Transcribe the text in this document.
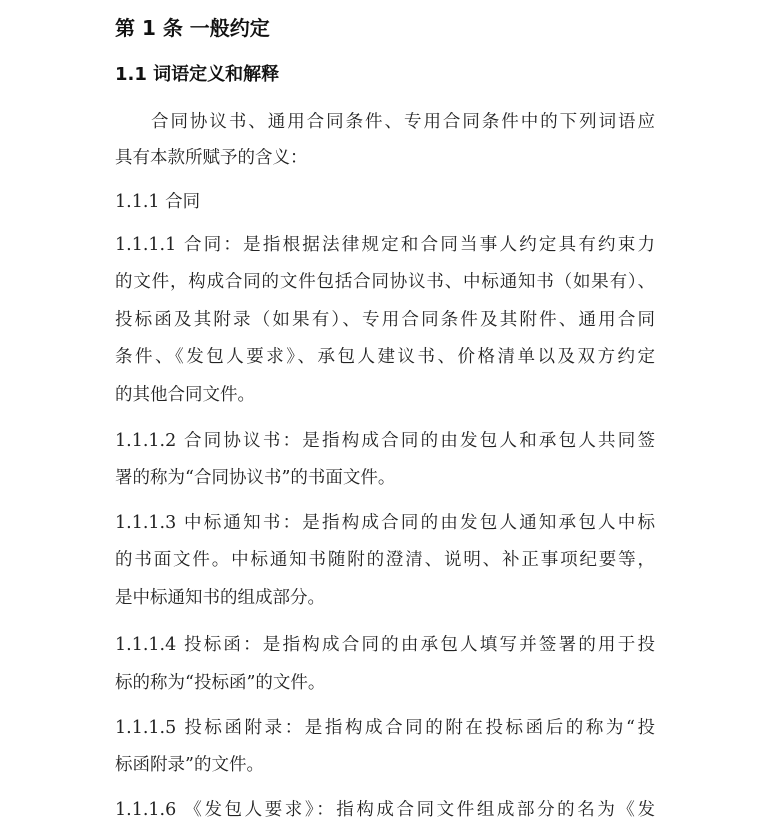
第 1 条 一般约定
1.1 词语定义和解释
合同协议书、通用合同条件、专用合同条件中的下列词语应
具有本款所赋予的含义：
1.1.1 合同
1.1.1.1 合同：是指根据法律规定和合同当事人约定具有约束力
的文件，构成合同的文件包括合同协议书、中标通知书（如果有）、
投标函及其附录（如果有）、专用合同条件及其附件、通用合同
条件、《发包人要求》、承包人建议书、价格清单以及双方约定
的其他合同文件。
1.1.1.2 合同协议书：是指构成合同的由发包人和承包人共同签
署的称为“合同协议书”的书面文件。
1.1.1.3 中标通知书：是指构成合同的由发包人通知承包人中标
的书面文件。中标通知书随附的澄清、说明、补正事项纪要等，
是中标通知书的组成部分。
1.1.1.4 投标函：是指构成合同的由承包人填写并签署的用于投
标的称为“投标函”的文件。
1.1.1.5 投标函附录：是指构成合同的附在投标函后的称为“投
标函附录”的文件。
1.1.1.6 《发包人要求》：指构成合同文件组成部分的名为《发
